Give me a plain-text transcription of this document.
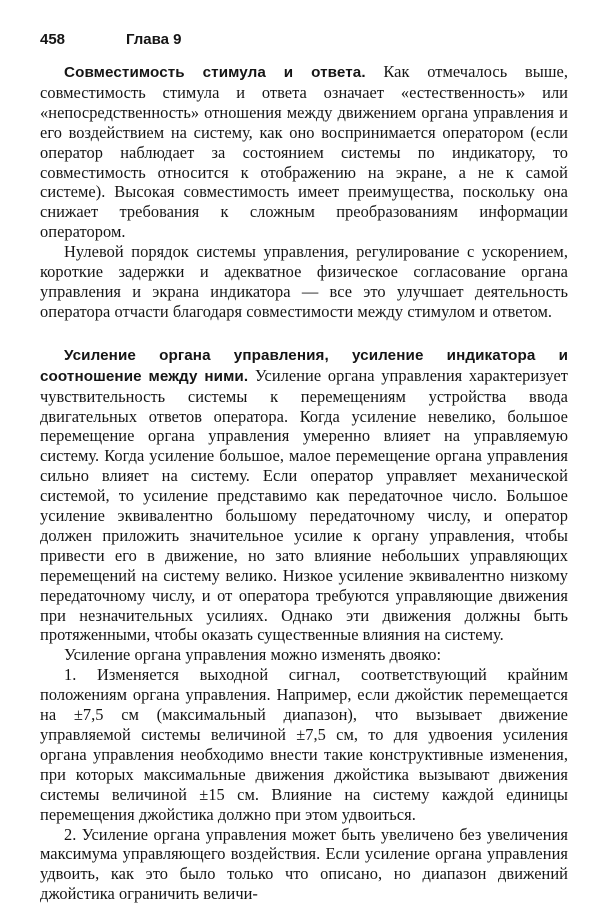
458	Глава 9

Совместимость стимула и ответа. Как отмечалось выше, совместимость стимула и ответа означает «естественность» или «непосредственность» отношения между движением органа управления и его воздействием на систему, как оно воспринимается оператором (если оператор наблюдает за состоянием системы по индикатору, то совместимость относится к отображению на экране, а не к самой системе). Высокая совместимость имеет преимущества, поскольку она снижает требования к сложным преобразованиям информации оператором.

Нулевой порядок системы управления, регулирование с ускорением, короткие задержки и адекватное физическое согласование органа управления и экрана индикатора — все это улучшает деятельность оператора отчасти благодаря совместимости между стимулом и ответом.

Усиление органа управления, усиление индикатора и соотношение между ними. Усиление органа управления характеризует чувствительность системы к перемещениям устройства ввода двигательных ответов оператора. Когда усиление невелико, большое перемещение органа управления умеренно влияет на управляемую систему. Когда усиление большое, малое перемещение органа управления сильно влияет на систему. Если оператор управляет механической системой, то усиление представимо как передаточное число. Большое усиление эквивалентно большому передаточному числу, и оператор должен приложить значительное усилие к органу управления, чтобы привести его в движение, но зато влияние небольших управляющих перемещений на систему велико. Низкое усиление эквивалентно низкому передаточному числу, и от оператора требуются управляющие движения при незначительных усилиях. Однако эти движения должны быть протяженными, чтобы оказать существенные влияния на систему.

Усиление органа управления можно изменять двояко:

1. Изменяется выходной сигнал, соответствующий крайним положениям органа управления. Например, если джойстик перемещается на ±7,5 см (максимальный диапазон), что вызывает движение управляемой системы величиной ±7,5 см, то для удвоения усиления органа управления необходимо внести такие конструктивные изменения, при которых максимальные движения джойстика вызывают движения системы величиной ±15 см. Влияние на систему каждой единицы перемещения джойстика должно при этом удвоиться.

2. Усиление органа управления может быть увеличено без увеличения максимума управляющего воздействия. Если усиление органа управления удвоить, как это было только что описано, но диапазон движений джойстика ограничить величи-
